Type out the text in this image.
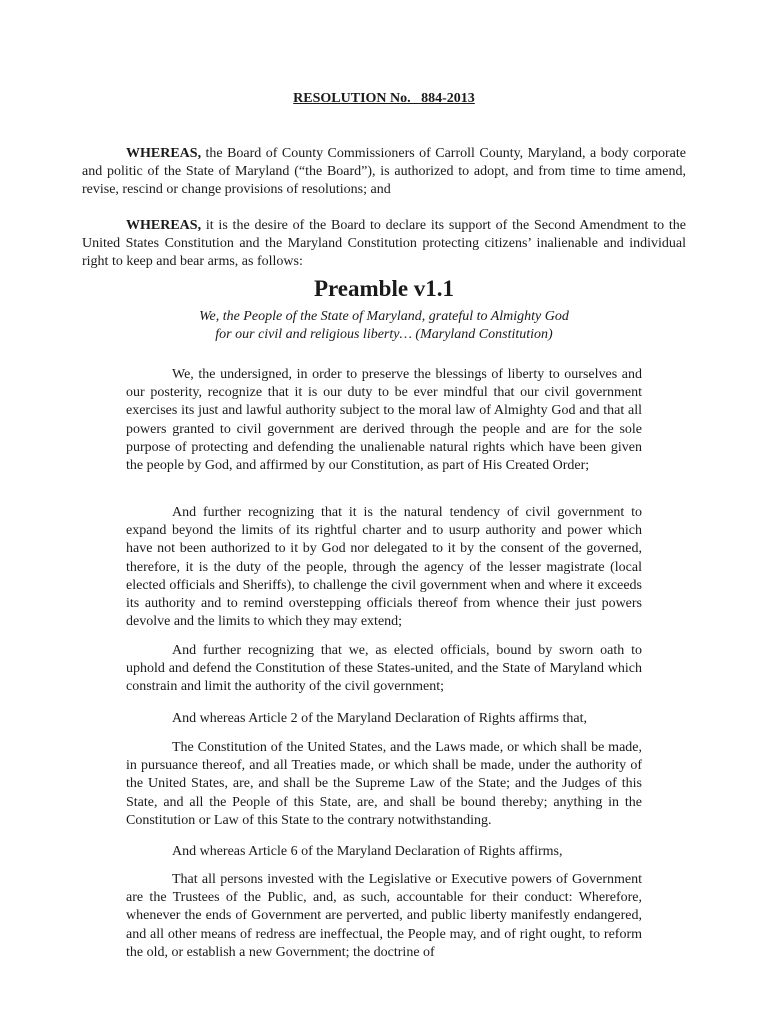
RESOLUTION No. _884-2013

WHEREAS, the Board of County Commissioners of Carroll County, Maryland, a body corporate and politic of the State of Maryland (“the Board”), is authorized to adopt, and from time to time amend, revise, rescind or change provisions of resolutions; and

WHEREAS, it is the desire of the Board to declare its support of the Second Amendment to the United States Constitution and the Maryland Constitution protecting citizens’ inalienable and individual right to keep and bear arms, as follows:

Preamble v1.1
We, the People of the State of Maryland, grateful to Almighty God
for our civil and religious liberty… (Maryland Constitution)

We, the undersigned, in order to preserve the blessings of liberty to ourselves and our posterity, recognize that it is our duty to be ever mindful that our civil government exercises its just and lawful authority subject to the moral law of Almighty God and that all powers granted to civil government are derived through the people and are for the sole purpose of protecting and defending the unalienable natural rights which have been given the people by God, and affirmed by our Constitution, as part of His Created Order;

And further recognizing that it is the natural tendency of civil government to expand beyond the limits of its rightful charter and to usurp authority and power which have not been authorized to it by God nor delegated to it by the consent of the governed, therefore, it is the duty of the people, through the agency of the lesser magistrate (local elected officials and Sheriffs), to challenge the civil government when and where it exceeds its authority and to remind overstepping officials thereof from whence their just powers devolve and the limits to which they may extend;

And further recognizing that we, as elected officials, bound by sworn oath to uphold and defend the Constitution of these States-united, and the State of Maryland which constrain and limit the authority of the civil government;

And whereas Article 2 of the Maryland Declaration of Rights affirms that,

The Constitution of the United States, and the Laws made, or which shall be made, in pursuance thereof, and all Treaties made, or which shall be made, under the authority of the United States, are, and shall be the Supreme Law of the State; and the Judges of this State, and all the People of this State, are, and shall be bound thereby; anything in the Constitution or Law of this State to the contrary notwithstanding.

And whereas Article 6 of the Maryland Declaration of Rights affirms,

That all persons invested with the Legislative or Executive powers of Government are the Trustees of the Public, and, as such, accountable for their conduct: Wherefore, whenever the ends of Government are perverted, and public liberty manifestly endangered, and all other means of redress are ineffectual, the People may, and of right ought, to reform the old, or establish a new Government; the doctrine of
